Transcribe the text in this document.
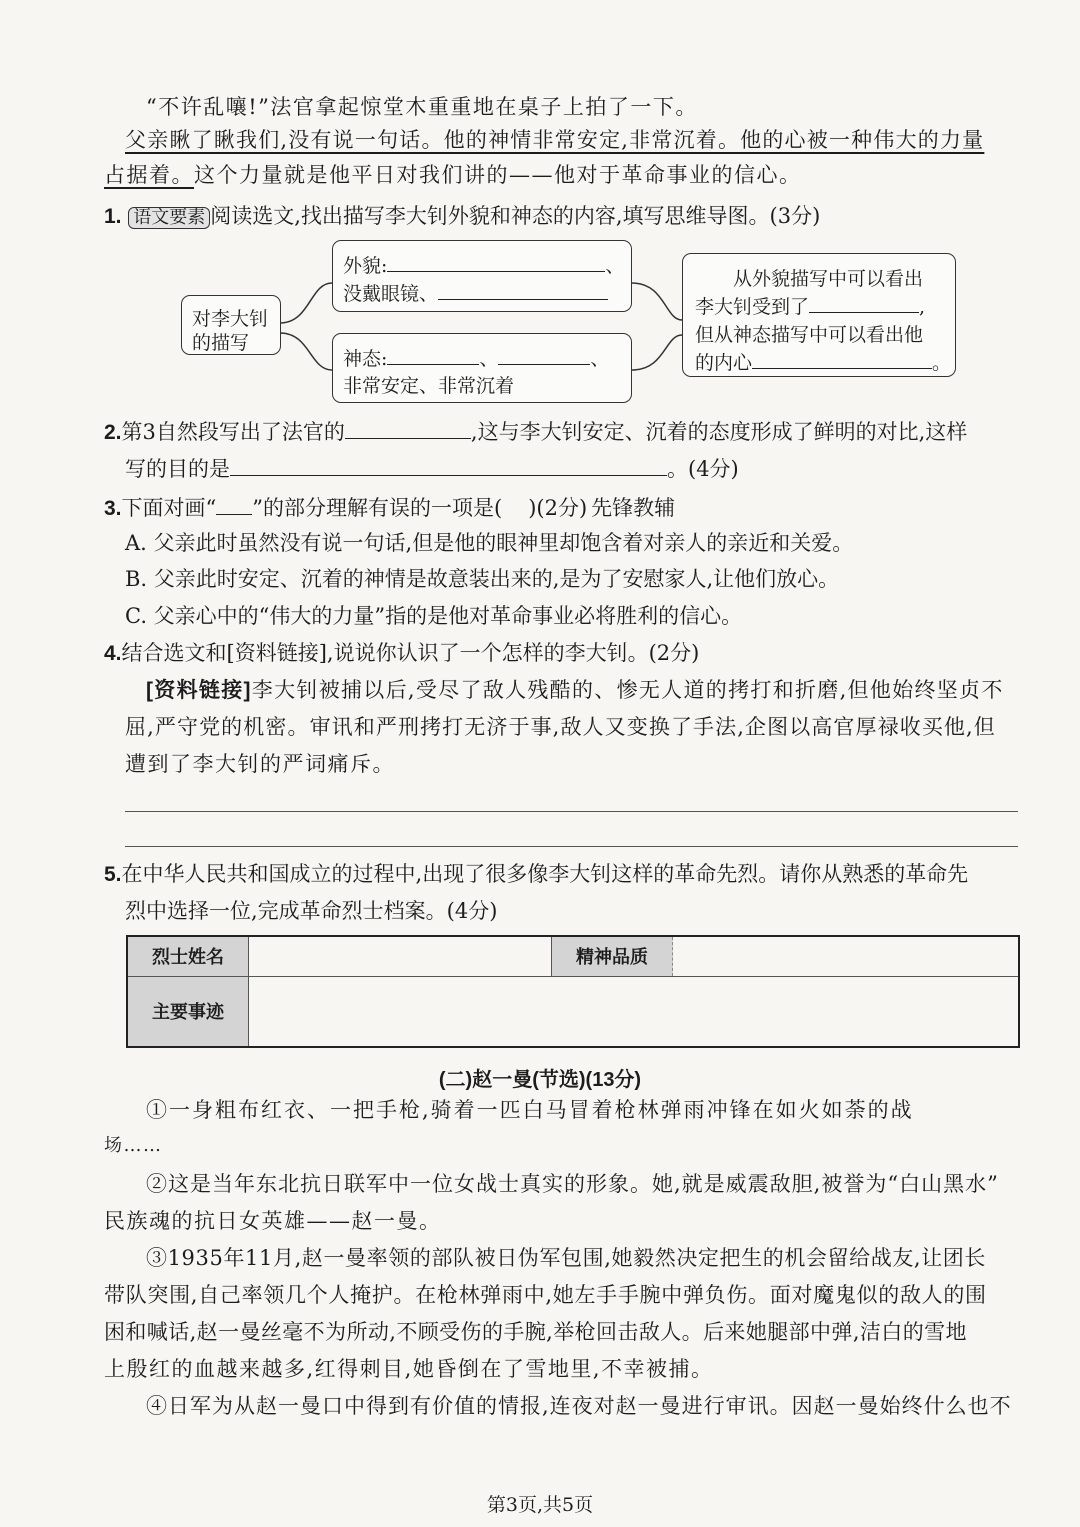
“不许乱嚷!”法官拿起惊堂木重重地在桌子上拍了一下。
父亲瞅了瞅我们,没有说一句话。他的神情非常安定,非常沉着。他的心被一种伟大的力量
占据着。这个力量就是他平日对我们讲的——他对于革命事业的信心。
1. 语文要素 阅读选文,找出描写李大钊外貌和神态的内容,填写思维导图。(3分)
对李大钊
的描写
外貌:	、
没戴眼镜、
神态:	、	、
非常安定、非常沉着
从外貌描写中可以看出
李大钊受到了	,
但从神态描写中可以看出他
的内心	。
2.第3自然段写出了法官的	,这与李大钊安定、沉着的态度形成了鲜明的对比,这样
写的目的是	。(4分)
3.下面对画“ ”的部分理解有误的一项是( )(2分) 先锋教辅
A. 父亲此时虽然没有说一句话,但是他的眼神里却饱含着对亲人的亲近和关爱。
B. 父亲此时安定、沉着的神情是故意装出来的,是为了安慰家人,让他们放心。
C. 父亲心中的“伟大的力量”指的是他对革命事业必将胜利的信心。
4.结合选文和[资料链接],说说你认识了一个怎样的李大钊。(2分)
[资料链接]李大钊被捕以后,受尽了敌人残酷的、惨无人道的拷打和折磨,但他始终坚贞不
屈,严守党的机密。审讯和严刑拷打无济于事,敌人又变换了手法,企图以高官厚禄收买他,但
遭到了李大钊的严词痛斥。
5.在中华人民共和国成立的过程中,出现了很多像李大钊这样的革命先烈。请你从熟悉的革命先
烈中选择一位,完成革命烈士档案。(4分)
烈士姓名		精神品质	
主要事迹			
(二)赵一曼(节选)(13分)
①一身粗布红衣、一把手枪,骑着一匹白马冒着枪林弹雨冲锋在如火如荼的战
场……
②这是当年东北抗日联军中一位女战士真实的形象。她,就是威震敌胆,被誉为“白山黑水”
民族魂的抗日女英雄——赵一曼。
③1935年11月,赵一曼率领的部队被日伪军包围,她毅然决定把生的机会留给战友,让团长
带队突围,自己率领几个人掩护。在枪林弹雨中,她左手手腕中弹负伤。面对魔鬼似的敌人的围
困和喊话,赵一曼丝毫不为所动,不顾受伤的手腕,举枪回击敌人。后来她腿部中弹,洁白的雪地
上殷红的血越来越多,红得刺目,她昏倒在了雪地里,不幸被捕。
④日军为从赵一曼口中得到有价值的情报,连夜对赵一曼进行审讯。因赵一曼始终什么也不
第3页,共5页
